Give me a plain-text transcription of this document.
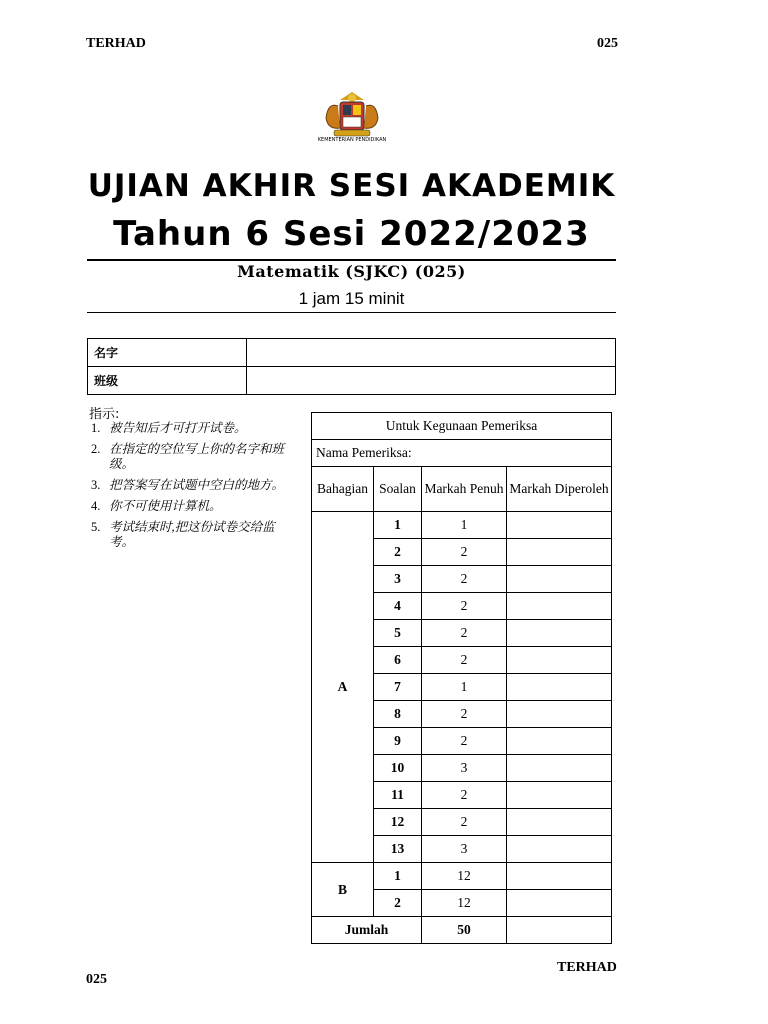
TERHAD	025
KEMENTERIAN PENDIDIKAN
UJIAN AKHIR SESI AKADEMIK
Tahun 6 Sesi 2022/2023
Matematik (SJKC) (025)
1 jam 15 minit
名字	
班级	
指示:
1. 被告知后才可打开试卷。
2. 在指定的空位写上你的名字和班级。
3. 把答案写在试题中空白的地方。
4. 你不可使用计算机。
5. 考试结束时,把这份试卷交给监考。
Untuk Kegunaan Pemeriksa			
Nama Pemeriksa:			
Bahagian	Soalan	Markah Penuh	Markah Diperoleh
A	1	1	
	2	2	
	3	2	
	4	2	
	5	2	
	6	2	
	7	1	
	8	2	
	9	2	
	10	3	
	11	2	
	12	2	
	13	3	
B	1	12	
	2	12	
Jumlah		50	
025
TERHAD
